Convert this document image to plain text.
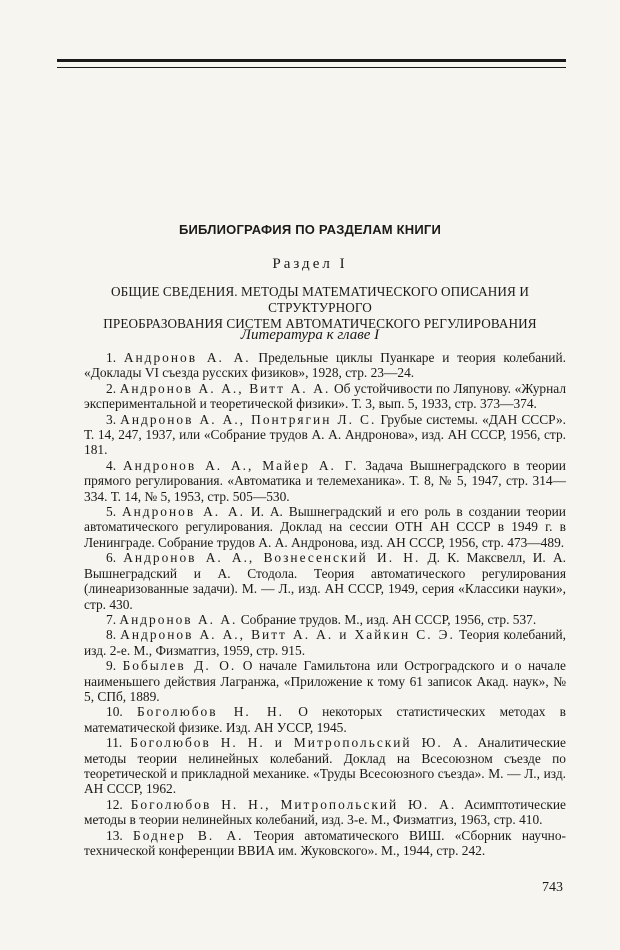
БИБЛИОГРАФИЯ ПО РАЗДЕЛАМ КНИГИ
Раздел I
ОБЩИЕ СВЕДЕНИЯ. МЕТОДЫ МАТЕМАТИЧЕСКОГО ОПИСАНИЯ И СТРУКТУРНОГО
ПРЕОБРАЗОВАНИЯ СИСТЕМ АВТОМАТИЧЕСКОГО РЕГУЛИРОВАНИЯ
Литература к главе I

1. Андронов А. А. Предельные циклы Пуанкаре и теория колебаний. «Доклады VI съезда русских физиков», 1928, стр. 23—24.

2. Андронов А. А., Витт А. А. Об устойчивости по Ляпунову. «Журнал экспериментальной и теоретической физики». Т. 3, вып. 5, 1933, стр. 373—374.

3. Андронов А. А., Понтрягин Л. С. Грубые системы. «ДАН СССР». Т. 14, 247, 1937, или «Собрание трудов А. А. Андронова», изд. АН СССР, 1956, стр. 181.

4. Андронов А. А., Майер А. Г. Задача Вышнеградского в теории прямого регулирования. «Автоматика и телемеханика». Т. 8, № 5, 1947, стр. 314—334. Т. 14, № 5, 1953, стр. 505—530.

5. Андронов А. А. И. А. Вышнеградский и его роль в создании теории автоматического регулирования. Доклад на сессии ОТН АН СССР в 1949 г. в Ленинграде. Собрание трудов А. А. Андронова, изд. АН СССР, 1956, стр. 473—489.

6. Андронов А. А., Вознесенский И. Н. Д. К. Максвелл, И. А. Вышнеградский и А. Стодола. Теория автоматического регулирования (линеаризованные задачи). М. — Л., изд. АН СССР, 1949, серия «Классики науки», стр. 430.

7. Андронов А. А. Собрание трудов. М., изд. АН СССР, 1956, стр. 537.

8. Андронов А. А., Витт А. А. и Хайкин С. Э. Теория колебаний, изд. 2-е. М., Физматгиз, 1959, стр. 915.

9. Бобылев Д. О. О начале Гамильтона или Остроградского и о начале наименьшего действия Лагранжа, «Приложение к тому 61 записок Акад. наук», № 5, СПб, 1889.

10. Боголюбов Н. Н. О некоторых статистических методах в математической физике. Изд. АН УССР, 1945.

11. Боголюбов Н. Н. и Митропольский Ю. А. Аналитические методы теории нелинейных колебаний. Доклад на Всесоюзном съезде по теоретической и прикладной механике. «Труды Всесоюзного съезда». М. — Л., изд. АН СССР, 1962.

12. Боголюбов Н. Н., Митропольский Ю. А. Асимптотические методы в теории нелинейных колебаний, изд. 3-е. М., Физматгиз, 1963, стр. 410.

13. Боднер В. А. Теория автоматического ВИШ. «Сборник научно-технической конференции ВВИА им. Жуковского». М., 1944, стр. 242.

743
